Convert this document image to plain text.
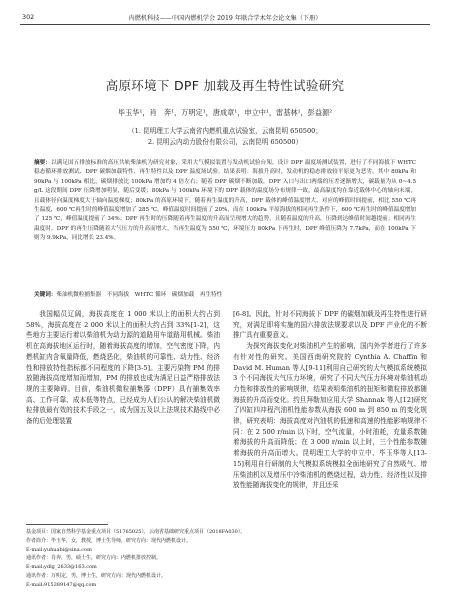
302	内燃机科技——中国内燃机学会 2019 年联合学术年会论文集（下册）
高原环境下 DPF 加载及再生特性试验研究
毕玉华¹，肖　奔¹，万明定¹，唐成章¹，申立中¹，雷基林¹，彭益源²
（1. 昆明理工大学云南省内燃机重点试验室，云南昆明 650500；
2. 昆明云内动力股份有限公司，云南昆明 650500）
摘要：以满足国五排放标准的高压共轨柴油机为研究对象，采用大气模拟装置与发动机试验台架，设计 DPF 温度场测试装置，进行了不同海拔下 WHTC 稳态循环排放测试、DPF 碳烟加载特性、再生特性以及 DPF 温度场试验。结果表明：海拔升高时，发动机的稳态排放较平原更为恶劣，其中 80kPa 和 90kPa 与 100kPa 相比，碳烟排放比 100kPa 增加约 4 倍左右；随着 DPF 碳烟不断加载，DPF 入口与出口两端的压差逐渐增大，碳载量为从 0~4.5 g/L 这段期间 DPF 压降增加明显，随后变缓；80kPa 与 100kPa 环境下的 DPF 载体的温度场分布规律一致，最高温度均在靠近载体中心的轴向末端，且载体径向温度梯度大于轴向温度梯度；80kPa 的高原环境下，随着再生温度的升高，DPF 载体的峰值温度增大，对应的峰值时间提前，相比 550 ℃再生温度，600 ℃再生时的峰值温度增加了 285 ℃，峰值温度时间提前了 20%，而在 100kPa 平原海拔的相同再生条件下，600 ℃再生时的峰值温度增加了 125 ℃，峰值温度提前了 34%；DPF 再生时的压降随着再生温度的升高而呈现增大的趋势，且随着温度的升高，压降到达峰值时间越提前；相同再生温度时，DPF 的再生压降随着大气压力的升高而增大，当再生温度为 550 ℃，环境压力 80kPa 下再生时，DPF 峰值压降为 7.7kPa，而在 100kPa 下则为 9.9kPa，同比增长 23.4%。
关键词：柴油机微粒捕集器　不同海拔　WHTC 循环　碳烟加载　再生特性

我国幅员辽阔，海拔高度在 1 000 米以上的面积大约占到 58%，海拔高度在 2 000 米以上的面积大约占到 33%[1-2]，这些地方主要运行着以柴油机为动力源的道路用车道路用机械。柴油机在高海拔地区运行时，随着海拔高度的增加，空气密度下降，内燃机缸内含氧量降低，燃烧恶化，柴油机的可靠性、动力性、经济性和排放特性指标都不同程度的下降[3-5]。主要污染物 PM 的排放随海拔高度增加而增加，PM 的排放也成为满足日益严格排放法规的主要障碍。目前，柴油机微粒捕集器（DPF）具有捕集效率高、工作可靠、成本低等特点，已经成为人们公认的解决柴油机微粒排放最有效的技术手段之一，成为国五及以上法规技术路线中必备的后处理装置

[6-8]。因此，针对不同海拔下 DPF 的碳烟加载及再生特性进行研究，对满足即将实施的国六排放法规要求以及 DPF 产业化的不断推广具有重要意义。

为探究海拔变化对柴油机产生的影响，国内外学者进行了许多有针对性的研究。美国西南研究院的 Cynthia A. Chaffin 和 David M. Human 等人[9-11]利用自己研究的大气模拟系统模拟 3 个不同海拔大气压力环境，研究了不同大气压力环境对柴油机动力性和排放性的影响规律，结果表明柴油机的扭矩和微粒排放都随海拔的升高而变化。约旦拜勒加应用大学 Shannak 等人[12]研究了四缸四冲程汽油机性能参数从海拔 600 m 到 850 m 的变化规律，研究表明：海拔高度对汽油机的低速和高速的性能影响规律不同：在 2 500 r/min 以下时，空气流量，小时油耗，充量系数随着海拔的升高而降低；在 3 000 r/min 以上时，三个性能参数随着海拔的升高而增大。昆明理工大学的申立中、毕玉华等人[13-15]利用自行研制的大气模拟系统模拟全面地研究了自然吸气、增压柴油机以及增压中冷柴油机的燃烧过程，动力性、经济性以及排放性能随海拔变化的规律，并且还采

基金项目：国家自然科学基金重点项目（51765025），云南省基础研究重点项目（2018FA030）。
作者简介：毕玉华，女，教授，博士生导师，研究方向：现代内燃机设计。
E-mail:yuhuabi@sina.com
通讯作者：肖奔，男，硕士生，研究方向：内燃机排放控制。
E-mail:ydlg_2633@163.com
通讯作者：万明定，男，博士生，研究方向：现代内燃机设计。
E-mail:915389147@qq.com
